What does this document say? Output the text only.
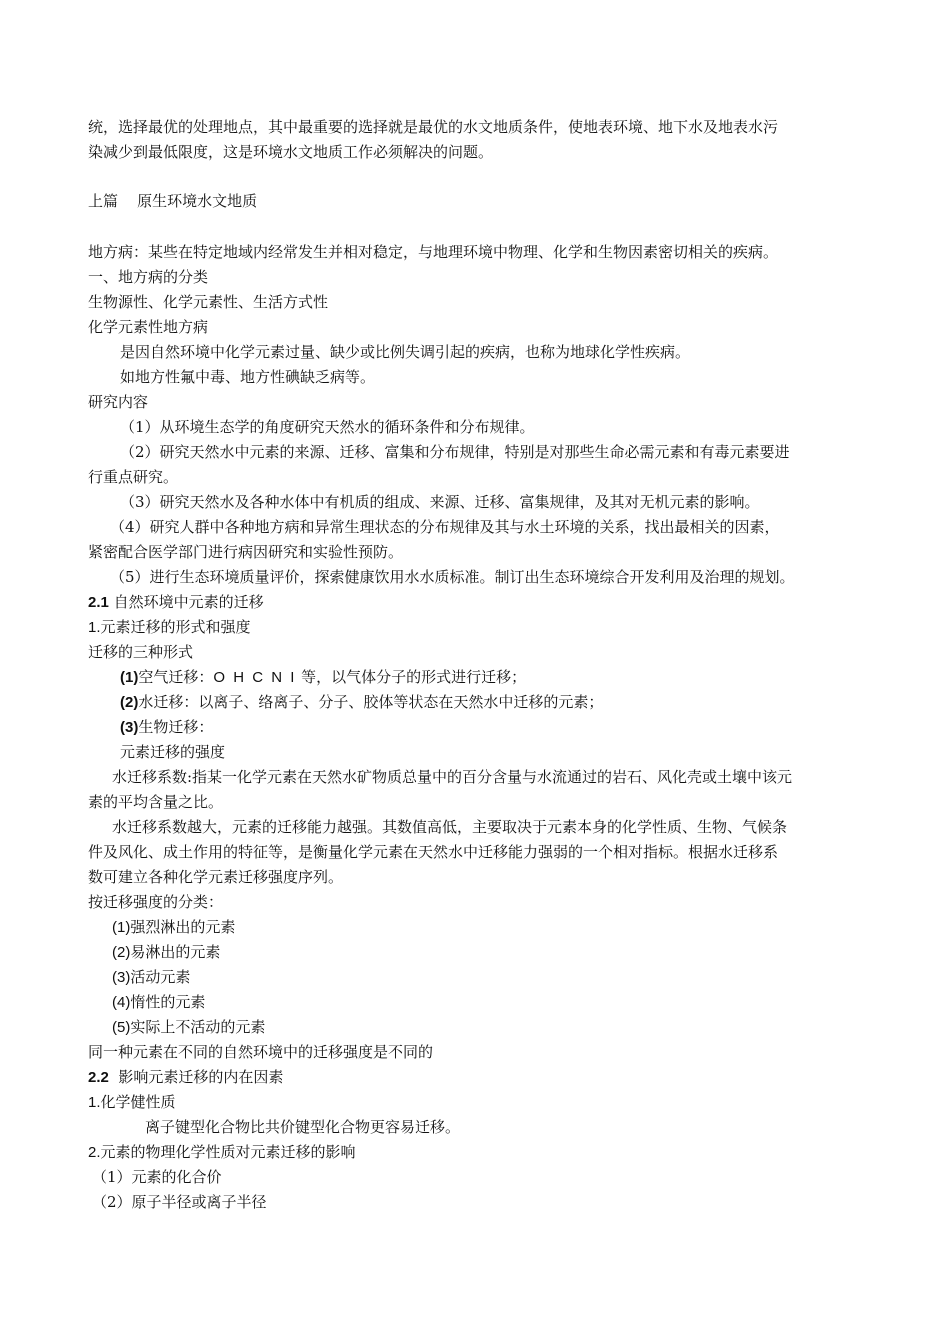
统，选择最优的处理地点，其中最重要的选择就是最优的水文地质条件，使地表环境、地下水及地表水污
染减少到最低限度，这是环境水文地质工作必须解决的问题。
上篇    原生环境水文地质
地方病：某些在特定地域内经常发生并相对稳定，与地理环境中物理、化学和生物因素密切相关的疾病。
一、地方病的分类
生物源性、化学元素性、生活方式性
化学元素性地方病
是因自然环境中化学元素过量、缺少或比例失调引起的疾病，也称为地球化学性疾病。
如地方性氟中毒、地方性碘缺乏病等。
研究内容
（1）从环境生态学的角度研究天然水的循环条件和分布规律。
（2）研究天然水中元素的来源、迁移、富集和分布规律，特别是对那些生命必需元素和有毒元素要进
行重点研究。
（3）研究天然水及各种水体中有机质的组成、来源、迁移、富集规律，及其对无机元素的影响。
（4）研究人群中各种地方病和异常生理状态的分布规律及其与水土环境的关系，找出最相关的因素，
紧密配合医学部门进行病因研究和实验性预防。
（5）进行生态环境质量评价，探索健康饮用水水质标准。制订出生态环境综合开发利用及治理的规划。
2.1 自然环境中元素的迁移
1.元素迁移的形式和强度
迁移的三种形式
(1)空气迁移：O H C N I 等，以气体分子的形式进行迁移；
(2)水迁移：以离子、络离子、分子、胶体等状态在天然水中迁移的元素；
(3)生物迁移：
元素迁移的强度
水迁移系数:指某一化学元素在天然水矿物质总量中的百分含量与水流通过的岩石、风化壳或土壤中该元
素的平均含量之比。
水迁移系数越大，元素的迁移能力越强。其数值高低，主要取决于元素本身的化学性质、生物、气候条
件及风化、成土作用的特征等，是衡量化学元素在天然水中迁移能力强弱的一个相对指标。根据水迁移系
数可建立各种化学元素迁移强度序列。
按迁移强度的分类：
(1)强烈淋出的元素
(2)易淋出的元素
(3)活动元素
(4)惰性的元素
(5)实际上不活动的元素
同一种元素在不同的自然环境中的迁移强度是不同的
2.2  影响元素迁移的内在因素
1.化学健性质
离子键型化合物比共价键型化合物更容易迁移。
2.元素的物理化学性质对元素迁移的影响
（1）元素的化合价
（2）原子半径或离子半径
